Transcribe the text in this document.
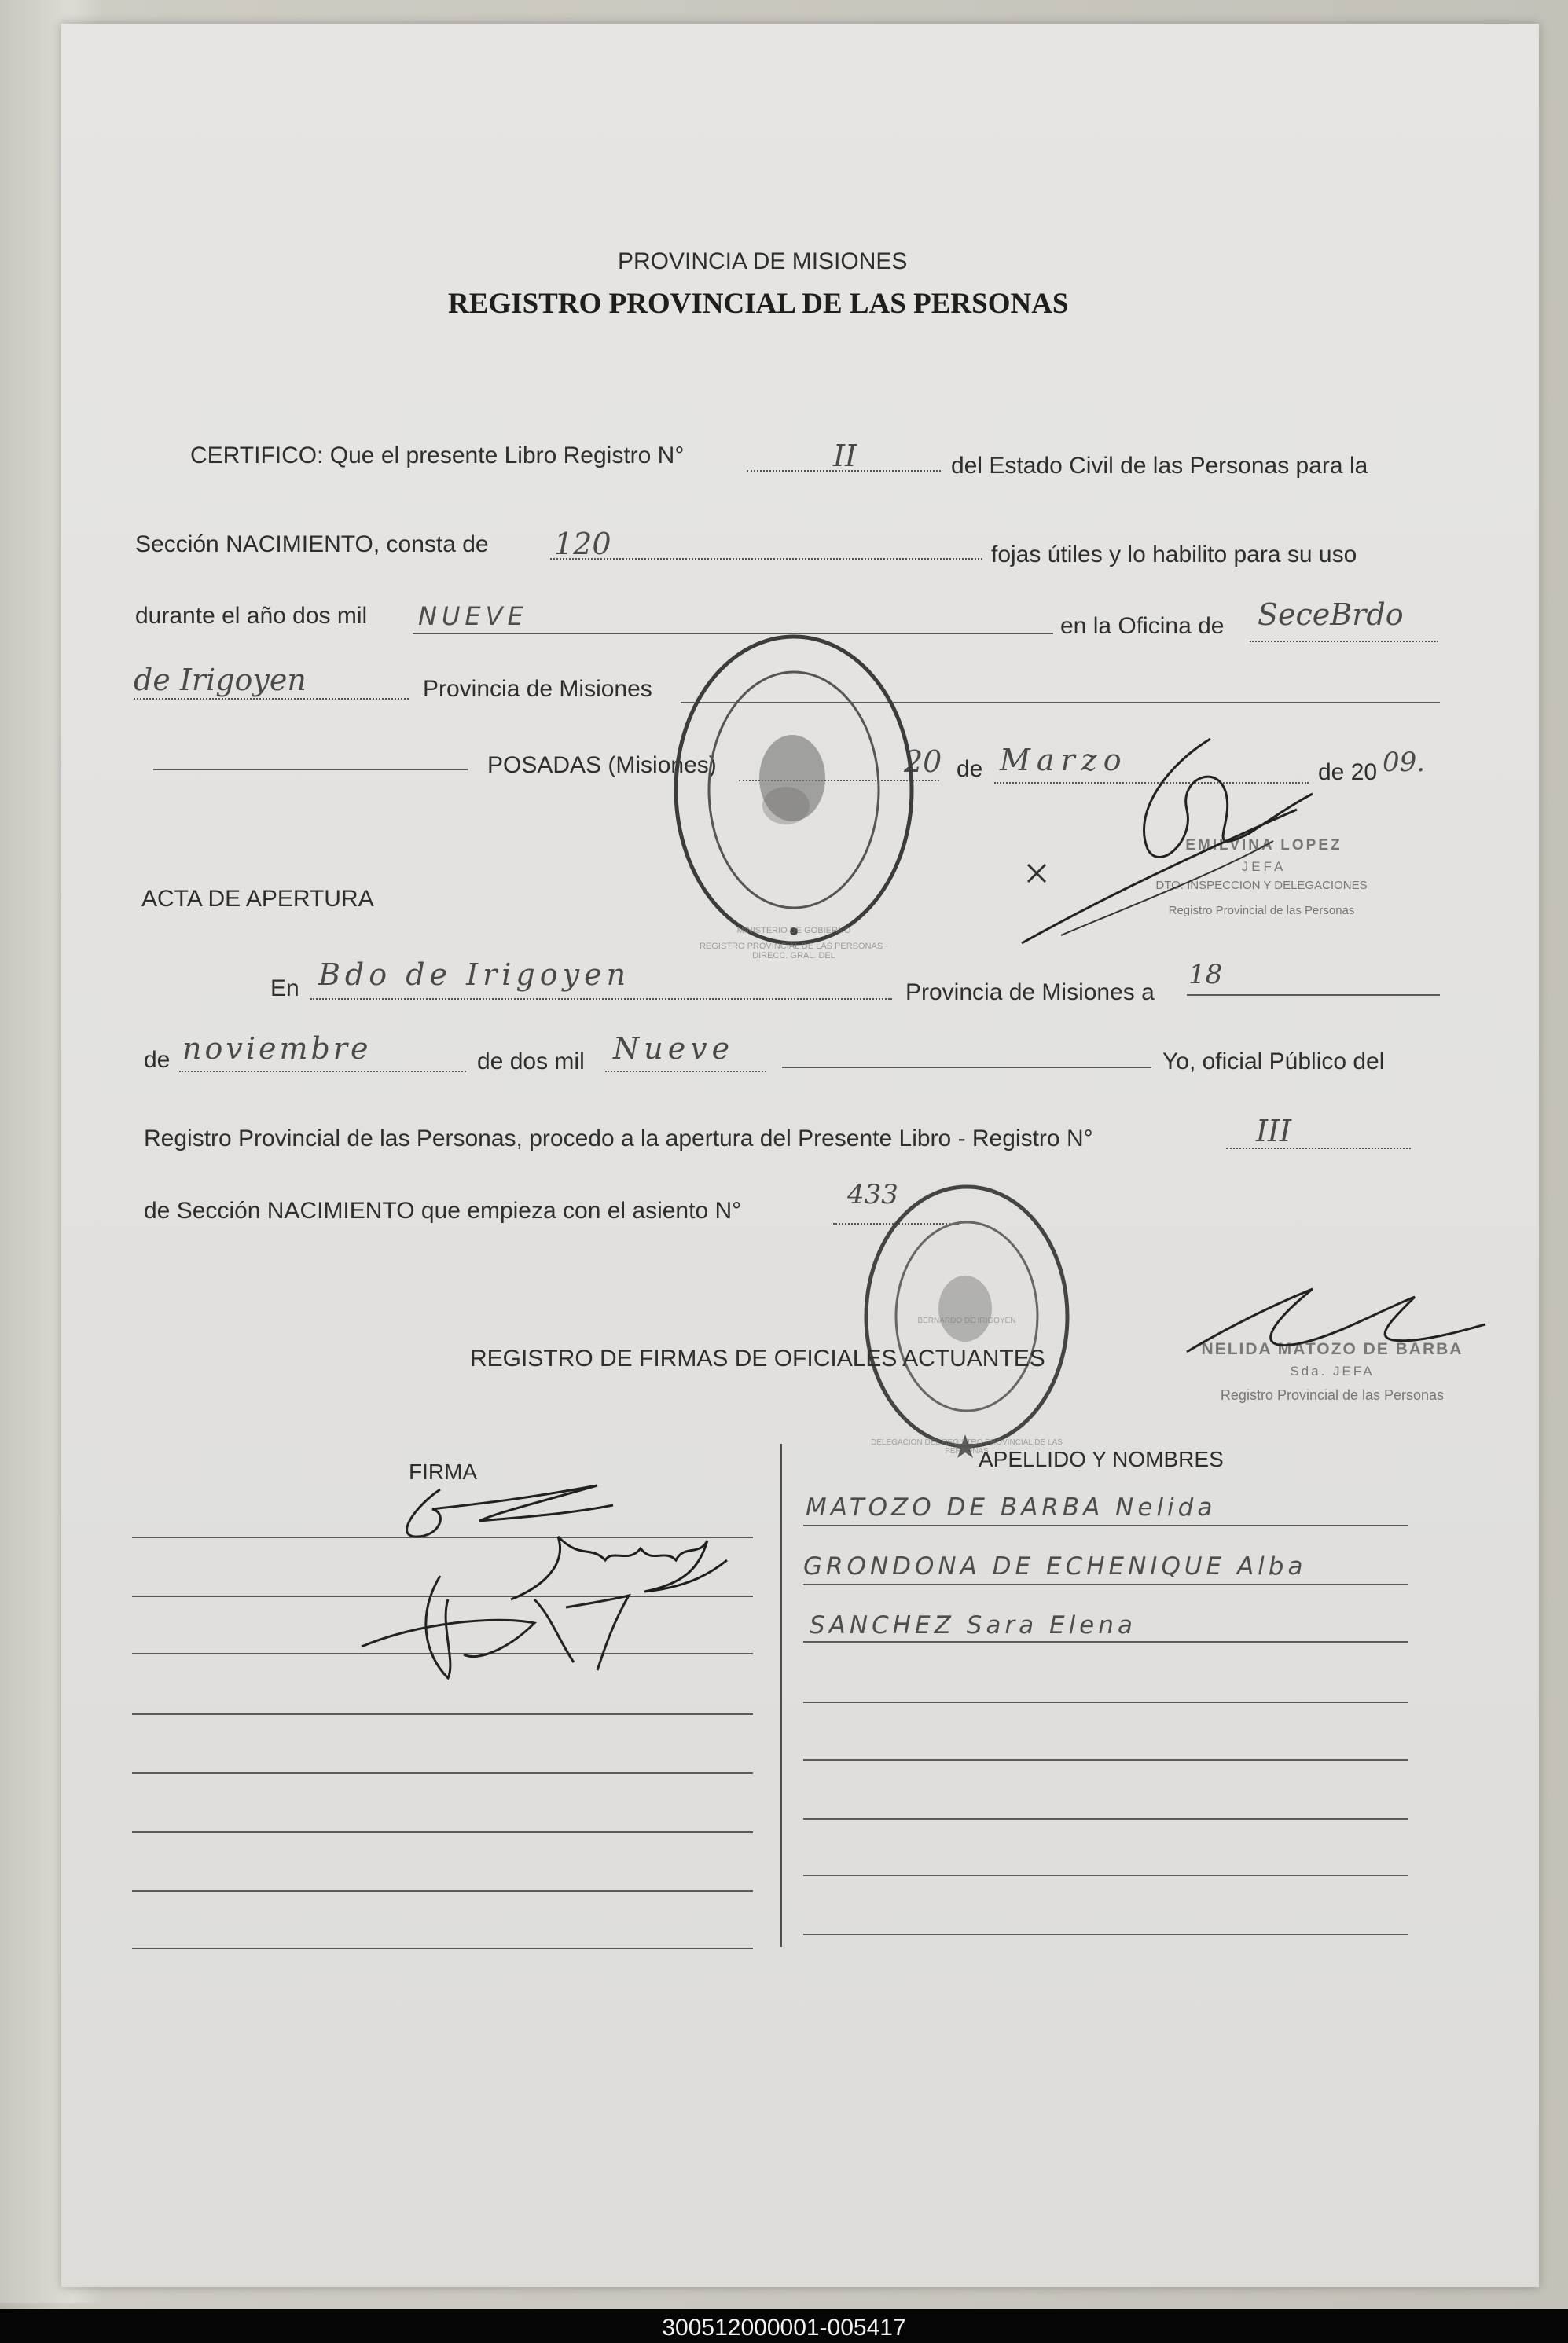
PROVINCIA DE MISIONES
REGISTRO PROVINCIAL DE LAS PERSONAS
CERTIFICO: Que el presente Libro Registro N°	II	del Estado Civil de las Personas para la
Sección NACIMIENTO, consta de 120	fojas útiles y lo habilito para su uso
durante el año dos mil NUEVE	en la Oficina de SeceBrdo
de Irigoyen	Provincia de Misiones
POSADAS (Misiones)	20 de Marzo	de 20 09.
ACTA DE APERTURA
En Bdo de Irigoyen
Provincia de Misiones a
18
de noviembre	de dos mil Nueve	Yo, oficial Público del
Registro Provincial de las Personas, procedo a la apertura del Presente Libro - Registro N°	III
de Sección NACIMIENTO que empieza con el asiento N°
433
REGISTRO PROVINCIAL DE LAS PERSONAS · DIRECC. GRAL. DEL
MINISTERIO DE GOBIERNO
EMILVINA LOPEZ
JEFA
DTO. INSPECCION Y DELEGACIONES
Registro Provincial de las Personas
DELEGACION DEL REGISTRO PROVINCIAL DE LAS PERSONAS
BERNARDO DE IRIGOYEN
NELIDA MATOZO DE BARBA
Sda. JEFA
Registro Provincial de las Personas
REGISTRO DE FIRMAS DE OFICIALES ACTUANTES
FIRMA
APELLIDO Y NOMBRES
MATOZO DE BARBA Nelida
GRONDONA DE ECHENIQUE Alba
SANCHEZ Sara Elena
300512000001-005417
